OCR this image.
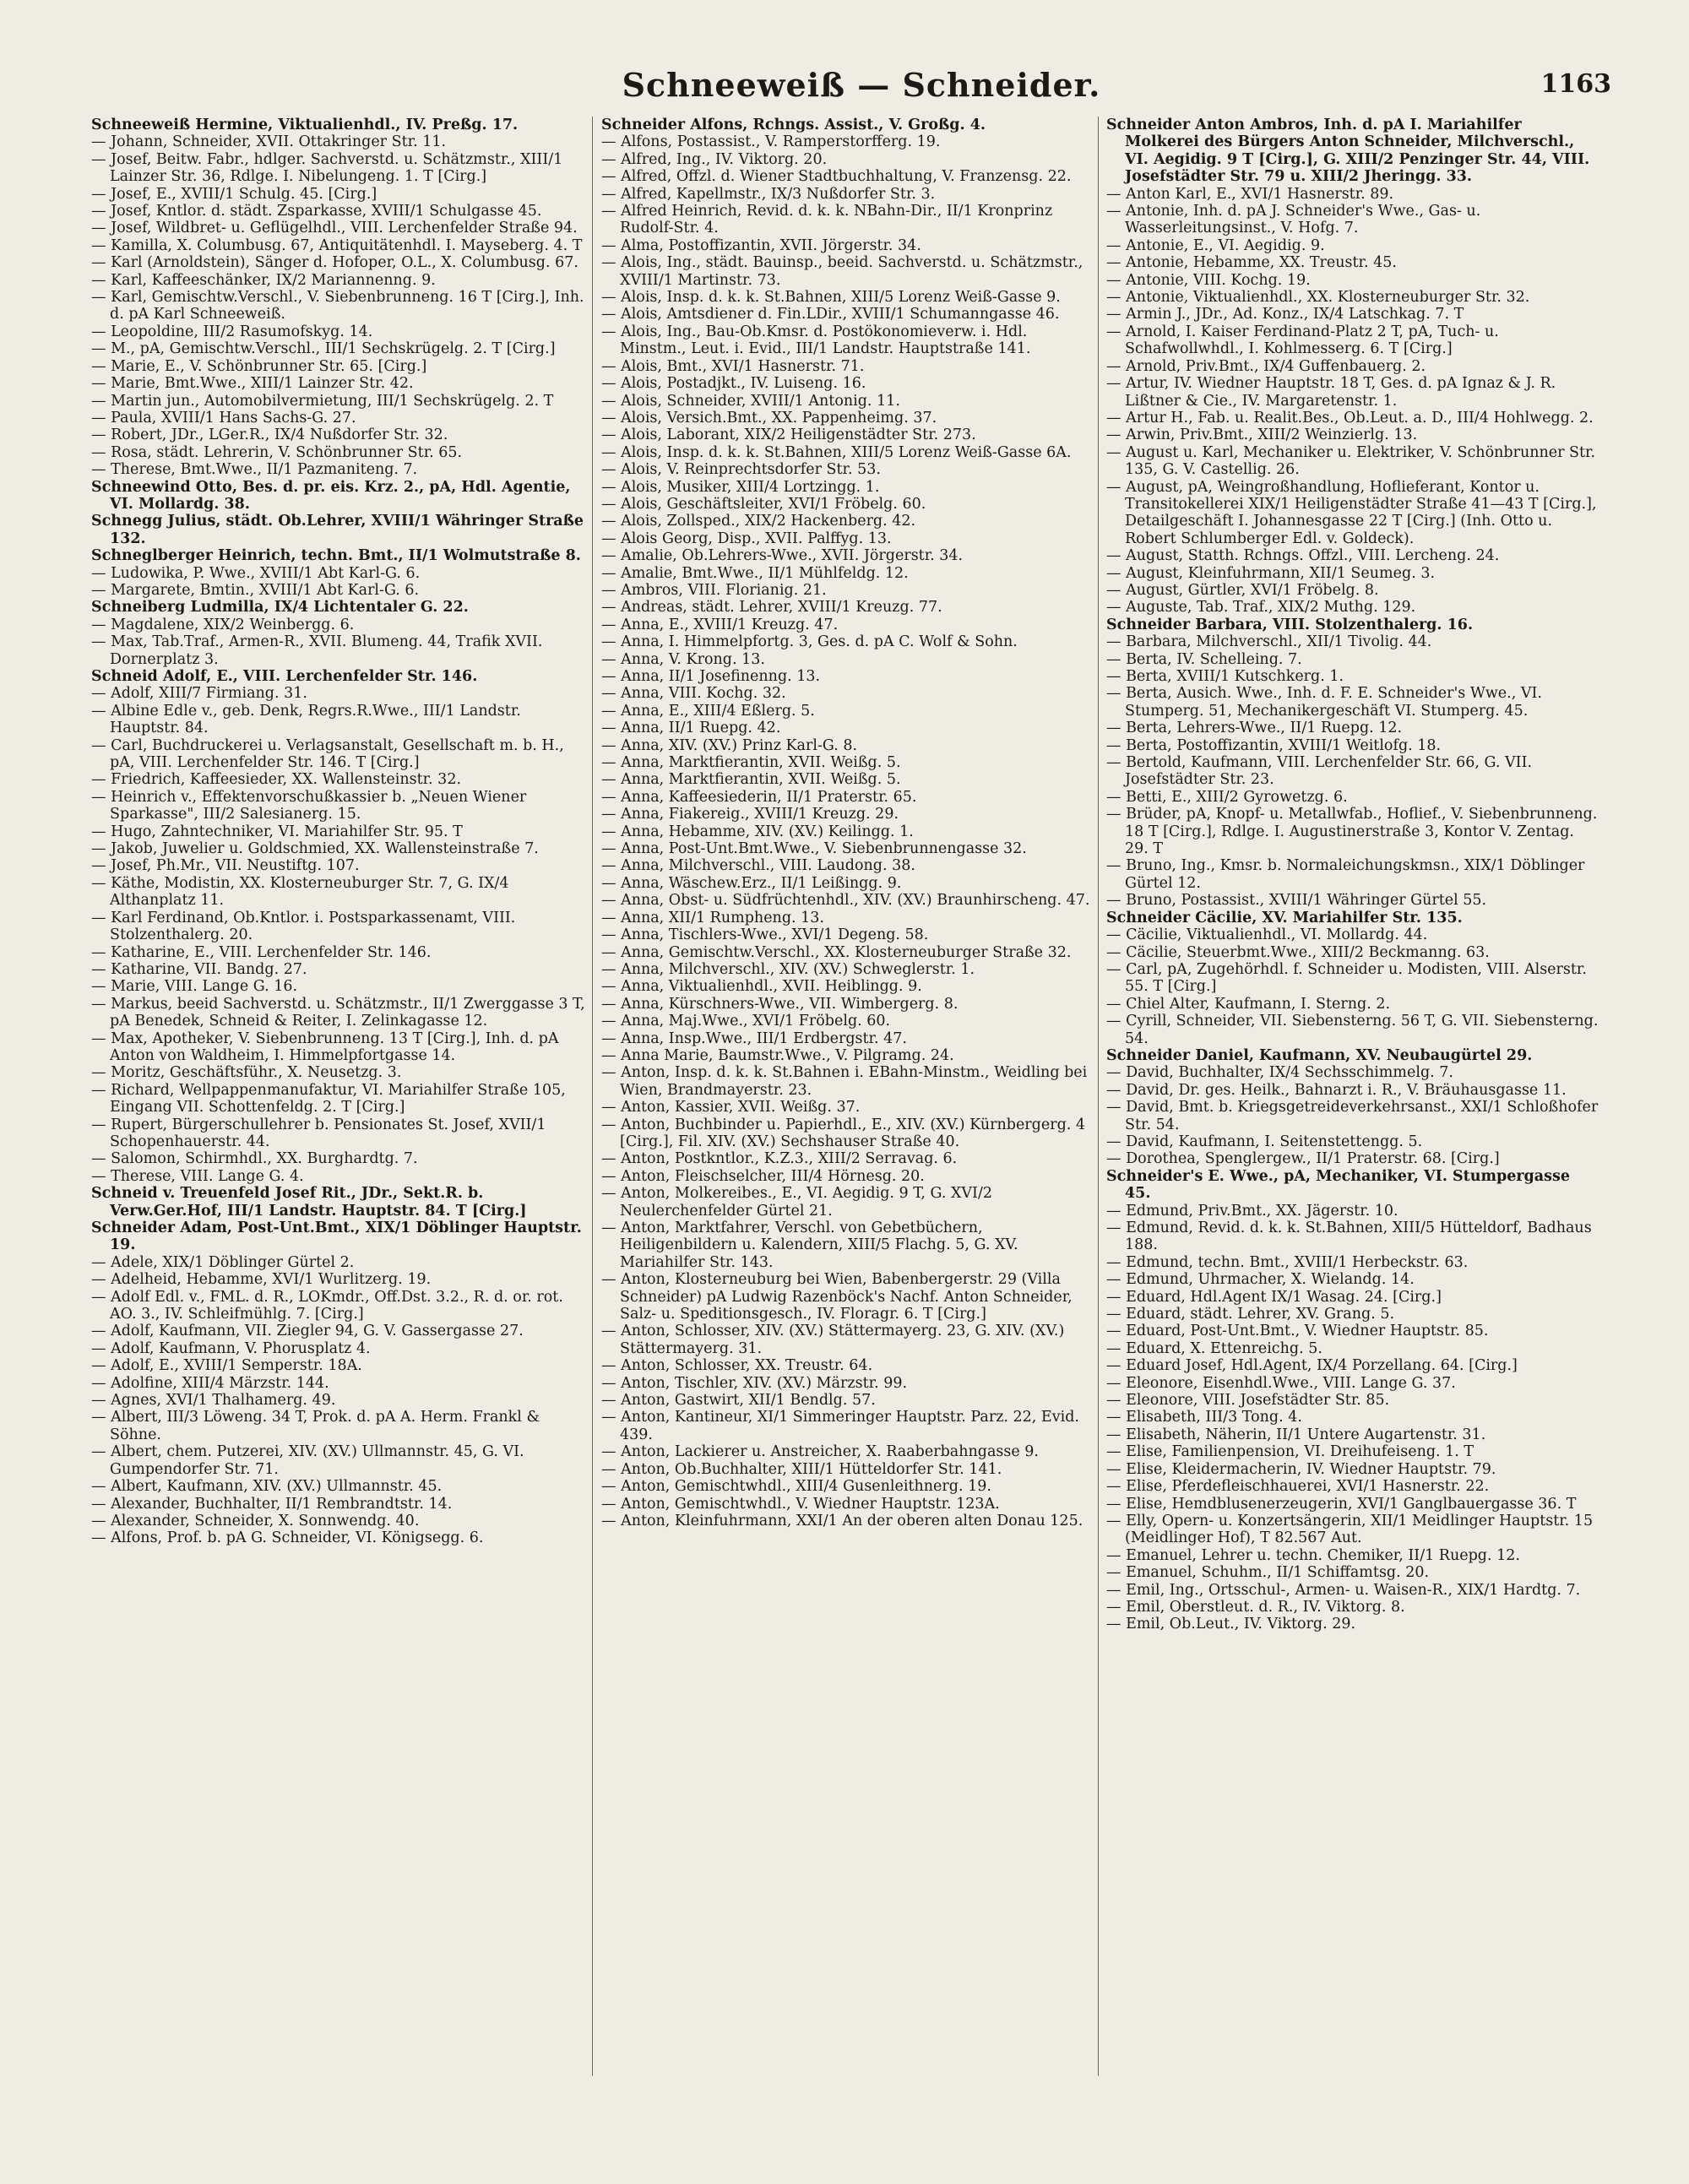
Schneeweiß — Schneider.	1163

Schneeweiß Hermine, Viktualienhdl., IV. Preßg. 17.

— Johann, Schneider, XVII. Ottakringer Str. 11.

— Josef, Beitw. Fabr., hdlger. Sachverstd. u. Schätzmstr., XIII/1 Lainzer Str. 36, Rdlge. I. Nibelungeng. 1. T [Cirg.]

— Josef, E., XVIII/1 Schulg. 45. [Cirg.]

— Josef, Kntlor. d. städt. Zsparkasse, XVIII/1 Schulgasse 45.

— Josef, Wildbret- u. Geflügelhdl., VIII. Lerchenfelder Straße 94.

— Kamilla, X. Columbusg. 67, Antiquitätenhdl. I. Mayseberg. 4. T

— Karl (Arnoldstein), Sänger d. Hofoper, O.L., X. Columbusg. 67.

— Karl, Kaffeeschänker, IX/2 Mariannenng. 9.

— Karl, Gemischtw.Verschl., V. Siebenbrunneng. 16 T [Cirg.], Inh. d. pA Karl Schneeweiß.

— Leopoldine, III/2 Rasumofskyg. 14.

— M., pA, Gemischtw.Verschl., III/1 Sechskrügelg. 2. T [Cirg.]

— Marie, E., V. Schönbrunner Str. 65. [Cirg.]

— Marie, Bmt.Wwe., XIII/1 Lainzer Str. 42.

— Martin jun., Automobilvermietung, III/1 Sechskrügelg. 2. T

— Paula, XVIII/1 Hans Sachs-G. 27.

— Robert, JDr., LGer.R., IX/4 Nußdorfer Str. 32.

— Rosa, städt. Lehrerin, V. Schönbrunner Str. 65.

— Therese, Bmt.Wwe., II/1 Pazmaniteng. 7.

Schneewind Otto, Bes. d. pr. eis. Krz. 2., pA, Hdl. Agentie, VI. Mollardg. 38.

Schnegg Julius, städt. Ob.Lehrer, XVIII/1 Währinger Straße 132.

Schneglberger Heinrich, techn. Bmt., II/1 Wolmutstraße 8.

— Ludowika, P. Wwe., XVIII/1 Abt Karl-G. 6.

— Margarete, Bmtin., XVIII/1 Abt Karl-G. 6.

Schneiberg Ludmilla, IX/4 Lichtentaler G. 22.

— Magdalene, XIX/2 Weinbergg. 6.

— Max, Tab.Traf., Armen-R., XVII. Blumeng. 44, Trafik XVII. Dornerplatz 3.

Schneid Adolf, E., VIII. Lerchenfelder Str. 146.

— Adolf, XIII/7 Firmiang. 31.

— Albine Edle v., geb. Denk, Regrs.R.Wwe., III/1 Landstr. Hauptstr. 84.

— Carl, Buchdruckerei u. Verlagsanstalt, Gesellschaft m. b. H., pA, VIII. Lerchenfelder Str. 146. T [Cirg.]

— Friedrich, Kaffeesieder, XX. Wallensteinstr. 32.

— Heinrich v., Effektenvorschußkassier b. „Neuen Wiener Sparkasse", III/2 Salesianerg. 15.

— Hugo, Zahntechniker, VI. Mariahilfer Str. 95. T

— Jakob, Juwelier u. Goldschmied, XX. Wallensteinstraße 7.

— Josef, Ph.Mr., VII. Neustiftg. 107.

— Käthe, Modistin, XX. Klosterneuburger Str. 7, G. IX/4 Althanplatz 11.

— Karl Ferdinand, Ob.Kntlor. i. Postsparkassenamt, VIII. Stolzenthalerg. 20.

— Katharine, E., VIII. Lerchenfelder Str. 146.

— Katharine, VII. Bandg. 27.

— Marie, VIII. Lange G. 16.

— Markus, beeid Sachverstd. u. Schätzmstr., II/1 Zwerggasse 3 T, pA Benedek, Schneid & Reiter, I. Zelinkagasse 12.

— Max, Apotheker, V. Siebenbrunneng. 13 T [Cirg.], Inh. d. pA Anton von Waldheim, I. Himmelpfortgasse 14.

— Moritz, Geschäftsführ., X. Neusetzg. 3.

— Richard, Wellpappenmanufaktur, VI. Mariahilfer Straße 105, Eingang VII. Schottenfeldg. 2. T [Cirg.]

— Rupert, Bürgerschullehrer b. Pensionates St. Josef, XVII/1 Schopenhauerstr. 44.

— Salomon, Schirmhdl., XX. Burghardtg. 7.

— Therese, VIII. Lange G. 4.

Schneid v. Treuenfeld Josef Rit., JDr., Sekt.R. b. Verw.Ger.Hof, III/1 Landstr. Hauptstr. 84. T [Cirg.]

Schneider Adam, Post-Unt.Bmt., XIX/1 Döblinger Hauptstr. 19.

— Adele, XIX/1 Döblinger Gürtel 2.

— Adelheid, Hebamme, XVI/1 Wurlitzerg. 19.

— Adolf Edl. v., FML. d. R., LOKmdr., Off.Dst. 3.2., R. d. or. rot. AO. 3., IV. Schleifmühlg. 7. [Cirg.]

— Adolf, Kaufmann, VII. Ziegler 94, G. V. Gassergasse 27.

— Adolf, Kaufmann, V. Phorusplatz 4.

— Adolf, E., XVIII/1 Semperstr. 18A.

— Adolfine, XIII/4 Märzstr. 144.

— Agnes, XVI/1 Thalhamerg. 49.

— Albert, III/3 Löweng. 34 T, Prok. d. pA A. Herm. Frankl & Söhne.

— Albert, chem. Putzerei, XIV. (XV.) Ullmannstr. 45, G. VI. Gumpendorfer Str. 71.

— Albert, Kaufmann, XIV. (XV.) Ullmannstr. 45.

— Alexander, Buchhalter, II/1 Rembrandtstr. 14.

— Alexander, Schneider, X. Sonnwendg. 40.

— Alfons, Prof. b. pA G. Schneider, VI. Königsegg. 6.

Schneider Alfons, Rchngs. Assist., V. Großg. 4.

— Alfons, Postassist., V. Ramperstorfferg. 19.

— Alfred, Ing., IV. Viktorg. 20.

— Alfred, Offzl. d. Wiener Stadtbuchhaltung, V. Franzensg. 22.

— Alfred, Kapellmstr., IX/3 Nußdorfer Str. 3.

— Alfred Heinrich, Revid. d. k. k. NBahn-Dir., II/1 Kronprinz Rudolf-Str. 4.

— Alma, Postoffizantin, XVII. Jörgerstr. 34.

— Alois, Ing., städt. Bauinsp., beeid. Sachverstd. u. Schätzmstr., XVIII/1 Martinstr. 73.

— Alois, Insp. d. k. k. St.Bahnen, XIII/5 Lorenz Weiß-Gasse 9.

— Alois, Amtsdiener d. Fin.LDir., XVIII/1 Schumanngasse 46.

— Alois, Ing., Bau-Ob.Kmsr. d. Postökonomieverw. i. Hdl. Minstm., Leut. i. Evid., III/1 Landstr. Hauptstraße 141.

— Alois, Bmt., XVI/1 Hasnerstr. 71.

— Alois, Postadjkt., IV. Luiseng. 16.

— Alois, Schneider, XVIII/1 Antonig. 11.

— Alois, Versich.Bmt., XX. Pappenheimg. 37.

— Alois, Laborant, XIX/2 Heiligenstädter Str. 273.

— Alois, Insp. d. k. k. St.Bahnen, XIII/5 Lorenz Weiß-Gasse 6A.

— Alois, V. Reinprechtsdorfer Str. 53.

— Alois, Musiker, XIII/4 Lortzingg. 1.

— Alois, Geschäftsleiter, XVI/1 Fröbelg. 60.

— Alois, Zollsped., XIX/2 Hackenberg. 42.

— Alois Georg, Disp., XVII. Palffyg. 13.

— Amalie, Ob.Lehrers-Wwe., XVII. Jörgerstr. 34.

— Amalie, Bmt.Wwe., II/1 Mühlfeldg. 12.

— Ambros, VIII. Florianig. 21.

— Andreas, städt. Lehrer, XVIII/1 Kreuzg. 77.

— Anna, E., XVIII/1 Kreuzg. 47.

— Anna, I. Himmelpfortg. 3, Ges. d. pA C. Wolf & Sohn.

— Anna, V. Krong. 13.

— Anna, II/1 Josefinenng. 13.

— Anna, VIII. Kochg. 32.

— Anna, E., XIII/4 Eßlerg. 5.

— Anna, II/1 Ruepg. 42.

— Anna, XIV. (XV.) Prinz Karl-G. 8.

— Anna, Marktfierantin, XVII. Weißg. 5.

— Anna, Marktfierantin, XVII. Weißg. 5.

— Anna, Kaffeesiederin, II/1 Praterstr. 65.

— Anna, Fiakereig., XVIII/1 Kreuzg. 29.

— Anna, Hebamme, XIV. (XV.) Keilingg. 1.

— Anna, Post-Unt.Bmt.Wwe., V. Siebenbrunnengasse 32.

— Anna, Milchverschl., VIII. Laudong. 38.

— Anna, Wäschew.Erz., II/1 Leißingg. 9.

— Anna, Obst- u. Südfrüchtenhdl., XIV. (XV.) Braunhirscheng. 47.

— Anna, XII/1 Rumpheng. 13.

— Anna, Tischlers-Wwe., XVI/1 Degeng. 58.

— Anna, Gemischtw.Verschl., XX. Klosterneuburger Straße 32.

— Anna, Milchverschl., XIV. (XV.) Schweglerstr. 1.

— Anna, Viktualienhdl., XVII. Heiblingg. 9.

— Anna, Kürschners-Wwe., VII. Wimbergerg. 8.

— Anna, Maj.Wwe., XVI/1 Fröbelg. 60.

— Anna, Insp.Wwe., III/1 Erdbergstr. 47.

— Anna Marie, Baumstr.Wwe., V. Pilgramg. 24.

— Anton, Insp. d. k. k. St.Bahnen i. EBahn-Minstm., Weidling bei Wien, Brandmayerstr. 23.

— Anton, Kassier, XVII. Weißg. 37.

— Anton, Buchbinder u. Papierhdl., E., XIV. (XV.) Kürnbergerg. 4 [Cirg.], Fil. XIV. (XV.) Sechshauser Straße 40.

— Anton, Postkntlor., K.Z.3., XIII/2 Serravag. 6.

— Anton, Fleischselcher, III/4 Hörnesg. 20.

— Anton, Molkereibes., E., VI. Aegidig. 9 T, G. XVI/2 Neulerchenfelder Gürtel 21.

— Anton, Marktfahrer, Verschl. von Gebetbüchern, Heiligenbildern u. Kalendern, XIII/5 Flachg. 5, G. XV. Mariahilfer Str. 143.

— Anton, Klosterneuburg bei Wien, Babenbergerstr. 29 (Villa Schneider) pA Ludwig Razenböck's Nachf. Anton Schneider, Salz- u. Speditionsgesch., IV. Floragr. 6. T [Cirg.]

— Anton, Schlosser, XIV. (XV.) Stättermayerg. 23, G. XIV. (XV.) Stättermayerg. 31.

— Anton, Schlosser, XX. Treustr. 64.

— Anton, Tischler, XIV. (XV.) Märzstr. 99.

— Anton, Gastwirt, XII/1 Bendlg. 57.

— Anton, Kantineur, XI/1 Simmeringer Hauptstr. Parz. 22, Evid. 439.

— Anton, Lackierer u. Anstreicher, X. Raaberbahngasse 9.

— Anton, Ob.Buchhalter, XIII/1 Hütteldorfer Str. 141.

— Anton, Gemischtwhdl., XIII/4 Gusenleithnerg. 19.

— Anton, Gemischtwhdl., V. Wiedner Hauptstr. 123A.

— Anton, Kleinfuhrmann, XXI/1 An der oberen alten Donau 125.

Schneider Anton Ambros, Inh. d. pA I. Mariahilfer Molkerei des Bürgers Anton Schneider, Milchverschl., VI. Aegidig. 9 T [Cirg.], G. XIII/2 Penzinger Str. 44, VIII. Josefstädter Str. 79 u. XIII/2 Jheringg. 33.

— Anton Karl, E., XVI/1 Hasnerstr. 89.

— Antonie, Inh. d. pA J. Schneider's Wwe., Gas- u. Wasserleitungsinst., V. Hofg. 7.

— Antonie, E., VI. Aegidig. 9.

— Antonie, Hebamme, XX. Treustr. 45.

— Antonie, VIII. Kochg. 19.

— Antonie, Viktualienhdl., XX. Klosterneuburger Str. 32.

— Armin J., JDr., Ad. Konz., IX/4 Latschkag. 7. T

— Arnold, I. Kaiser Ferdinand-Platz 2 T, pA, Tuch- u. Schafwollwhdl., I. Kohlmesserg. 6. T [Cirg.]

— Arnold, Priv.Bmt., IX/4 Guffenbauerg. 2.

— Artur, IV. Wiedner Hauptstr. 18 T, Ges. d. pA Ignaz & J. R. Lißtner & Cie., IV. Margaretenstr. 1.

— Artur H., Fab. u. Realit.Bes., Ob.Leut. a. D., III/4 Hohlwegg. 2.

— Arwin, Priv.Bmt., XIII/2 Weinzierlg. 13.

— August u. Karl, Mechaniker u. Elektriker, V. Schönbrunner Str. 135, G. V. Castellig. 26.

— August, pA, Weingroßhandlung, Hoflieferant, Kontor u. Transitokellerei XIX/1 Heiligenstädter Straße 41—43 T [Cirg.], Detailgeschäft I. Johannesgasse 22 T [Cirg.] (Inh. Otto u. Robert Schlumberger Edl. v. Goldeck).

— August, Statth. Rchngs. Offzl., VIII. Lercheng. 24.

— August, Kleinfuhrmann, XII/1 Seumeg. 3.

— August, Gürtler, XVI/1 Fröbelg. 8.

— Auguste, Tab. Traf., XIX/2 Muthg. 129.

Schneider Barbara, VIII. Stolzenthalerg. 16.

— Barbara, Milchverschl., XII/1 Tivolig. 44.

— Berta, IV. Schelleing. 7.

— Berta, XVIII/1 Kutschkerg. 1.

— Berta, Ausich. Wwe., Inh. d. F. E. Schneider's Wwe., VI. Stumperg. 51, Mechanikergeschäft VI. Stumperg. 45.

— Berta, Lehrers-Wwe., II/1 Ruepg. 12.

— Berta, Postoffizantin, XVIII/1 Weitlofg. 18.

— Bertold, Kaufmann, VIII. Lerchenfelder Str. 66, G. VII. Josefstädter Str. 23.

— Betti, E., XIII/2 Gyrowetzg. 6.

— Brüder, pA, Knopf- u. Metallwfab., Hoflief., V. Siebenbrunneng. 18 T [Cirg.], Rdlge. I. Augustinerstraße 3, Kontor V. Zentag. 29. T

— Bruno, Ing., Kmsr. b. Normaleichungskmsn., XIX/1 Döblinger Gürtel 12.

— Bruno, Postassist., XVIII/1 Währinger Gürtel 55.

Schneider Cäcilie, XV. Mariahilfer Str. 135.

— Cäcilie, Viktualienhdl., VI. Mollardg. 44.

— Cäcilie, Steuerbmt.Wwe., XIII/2 Beckmanng. 63.

— Carl, pA, Zugehörhdl. f. Schneider u. Modisten, VIII. Alserstr. 55. T [Cirg.]

— Chiel Alter, Kaufmann, I. Sterng. 2.

— Cyrill, Schneider, VII. Siebensterng. 56 T, G. VII. Siebensterng. 54.

Schneider Daniel, Kaufmann, XV. Neubaugürtel 29.

— David, Buchhalter, IX/4 Sechsschimmelg. 7.

— David, Dr. ges. Heilk., Bahnarzt i. R., V. Bräuhausgasse 11.

— David, Bmt. b. Kriegsgetreideverkehrsanst., XXI/1 Schloßhofer Str. 54.

— David, Kaufmann, I. Seitenstettengg. 5.

— Dorothea, Spenglergew., II/1 Praterstr. 68. [Cirg.]

Schneider's E. Wwe., pA, Mechaniker, VI. Stumpergasse 45.

— Edmund, Priv.Bmt., XX. Jägerstr. 10.

— Edmund, Revid. d. k. k. St.Bahnen, XIII/5 Hütteldorf, Badhaus 188.

— Edmund, techn. Bmt., XVIII/1 Herbeckstr. 63.

— Edmund, Uhrmacher, X. Wielandg. 14.

— Eduard, Hdl.Agent IX/1 Wasag. 24. [Cirg.]

— Eduard, städt. Lehrer, XV. Grang. 5.

— Eduard, Post-Unt.Bmt., V. Wiedner Hauptstr. 85.

— Eduard, X. Ettenreichg. 5.

— Eduard Josef, Hdl.Agent, IX/4 Porzellang. 64. [Cirg.]

— Eleonore, Eisenhdl.Wwe., VIII. Lange G. 37.

— Eleonore, VIII. Josefstädter Str. 85.

— Elisabeth, III/3 Tong. 4.

— Elisabeth, Näherin, II/1 Untere Augartenstr. 31.

— Elise, Familienpension, VI. Dreihufeiseng. 1. T

— Elise, Kleidermacherin, IV. Wiedner Hauptstr. 79.

— Elise, Pferdefleischhauerei, XVI/1 Hasnerstr. 22.

— Elise, Hemdblusenerzeugerin, XVI/1 Ganglbauergasse 36. T

— Elly, Opern- u. Konzertsängerin, XII/1 Meidlinger Hauptstr. 15 (Meidlinger Hof), T 82.567 Aut.

— Emanuel, Lehrer u. techn. Chemiker, II/1 Ruepg. 12.

— Emanuel, Schuhm., II/1 Schiffamtsg. 20.

— Emil, Ing., Ortsschul-, Armen- u. Waisen-R., XIX/1 Hardtg. 7.

— Emil, Oberstleut. d. R., IV. Viktorg. 8.

— Emil, Ob.Leut., IV. Viktorg. 29.
